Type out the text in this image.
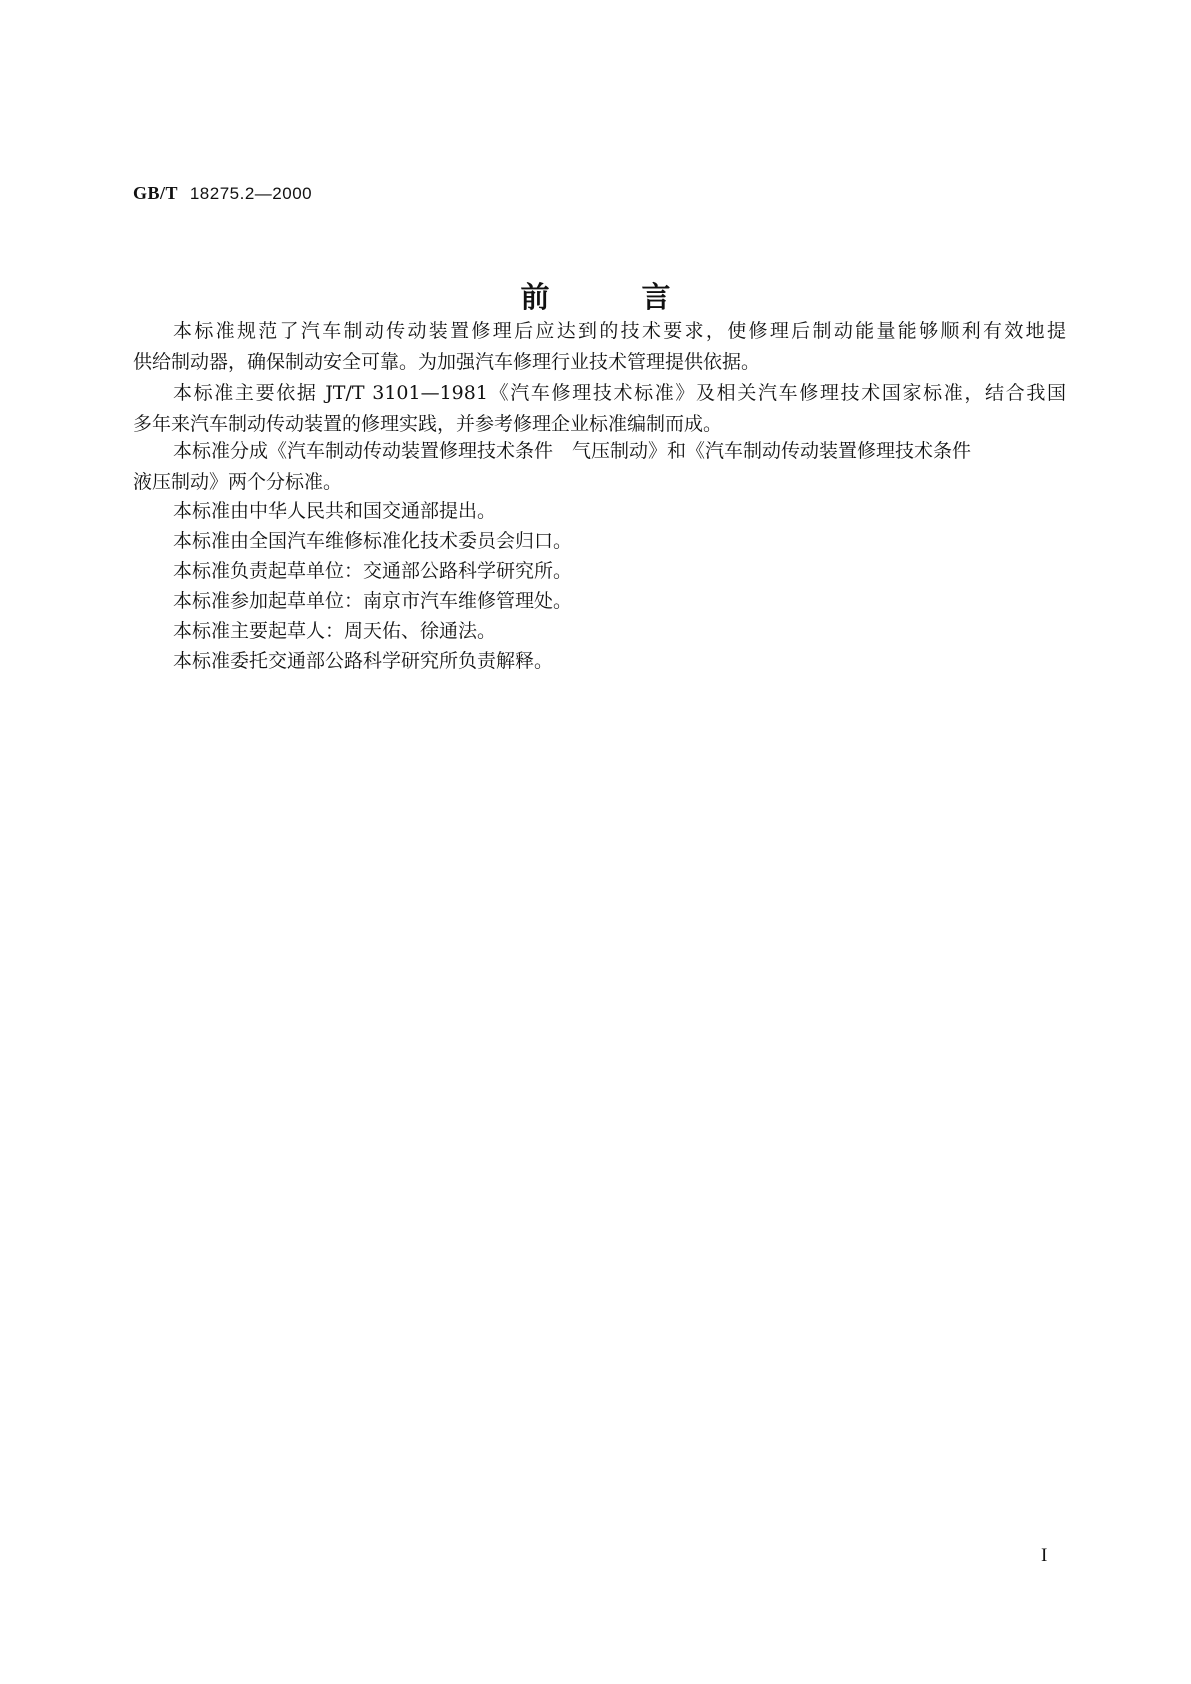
GB/T 18275.2—2000
前	言
本标准规范了汽车制动传动装置修理后应达到的技术要求，使修理后制动能量能够顺利有效地提
供给制动器，确保制动安全可靠。为加强汽车修理行业技术管理提供依据。
本标准主要依据 JT/T 3101—1981《汽车修理技术标准》及相关汽车修理技术国家标准，结合我国
多年来汽车制动传动装置的修理实践，并参考修理企业标准编制而成。
本标准分成《汽车制动传动装置修理技术条件　气压制动》和《汽车制动传动装置修理技术条件
液压制动》两个分标准。
本标准由中华人民共和国交通部提出。
本标准由全国汽车维修标准化技术委员会归口。
本标准负责起草单位：交通部公路科学研究所。
本标准参加起草单位：南京市汽车维修管理处。
本标准主要起草人：周天佑、徐通法。
本标准委托交通部公路科学研究所负责解释。
I
